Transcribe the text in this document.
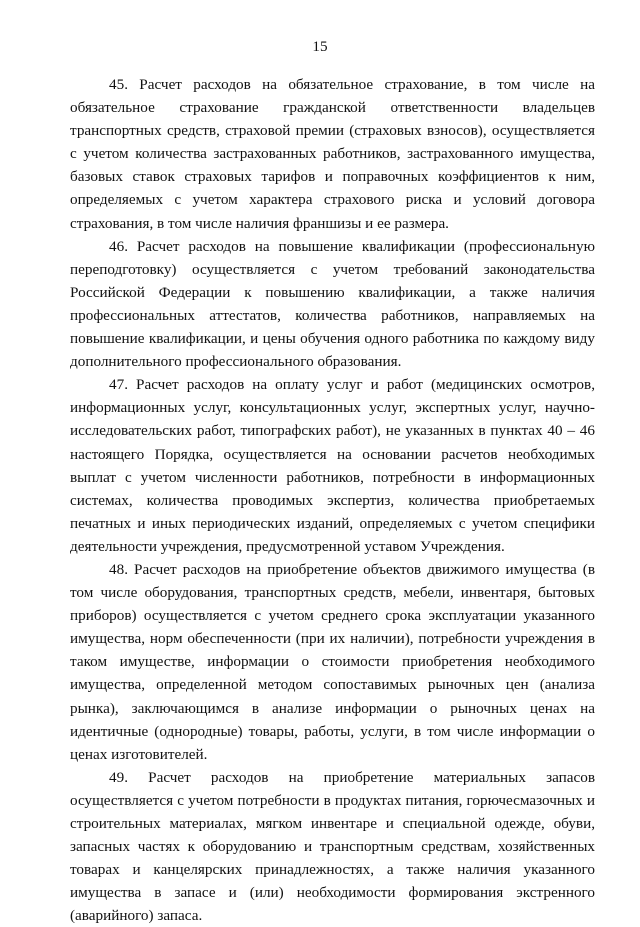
15

45. Расчет расходов на обязательное страхование, в том числе на обязательное страхование гражданской ответственности владельцев транспортных средств, страховой премии (страховых взносов), осуществляется с учетом количества застрахованных работников, застрахованного имущества, базовых ставок страховых тарифов и поправочных коэффициентов к ним, определяемых с учетом характера страхового риска и условий договора страхования, в том числе наличия франшизы и ее размера.

46. Расчет расходов на повышение квалификации (профессиональную переподготовку) осуществляется с учетом требований законодательства Российской Федерации к повышению квалификации, а также наличия профессиональных аттестатов, количества работников, направляемых на повышение квалификации, и цены обучения одного работника по каждому виду дополнительного профессионального образования.

47. Расчет расходов на оплату услуг и работ (медицинских осмотров, информационных услуг, консультационных услуг, экспертных услуг, научно-исследовательских работ, типографских работ), не указанных в пунктах 40 – 46 настоящего Порядка, осуществляется на основании расчетов необходимых выплат с учетом численности работников, потребности в информационных системах, количества проводимых экспертиз, количества приобретаемых печатных и иных периодических изданий, определяемых с учетом специфики деятельности учреждения, предусмотренной уставом Учреждения.

48. Расчет расходов на приобретение объектов движимого имущества (в том числе оборудования, транспортных средств, мебели, инвентаря, бытовых приборов) осуществляется с учетом среднего срока эксплуатации указанного имущества, норм обеспеченности (при их наличии), потребности учреждения в таком имуществе, информации о стоимости приобретения необходимого имущества, определенной методом сопоставимых рыночных цен (анализа рынка), заключающимся в анализе информации о рыночных ценах на идентичные (однородные) товары, работы, услуги, в том числе информации о ценах изготовителей.

49. Расчет расходов на приобретение материальных запасов осуществляется с учетом потребности в продуктах питания, горючесмазочных и строительных материалах, мягком инвентаре и специальной одежде, обуви, запасных частях к оборудованию и транспортным средствам, хозяйственных товарах и канцелярских принадлежностях, а также наличия указанного имущества в запасе и (или) необходимости формирования экстренного (аварийного) запаса.
